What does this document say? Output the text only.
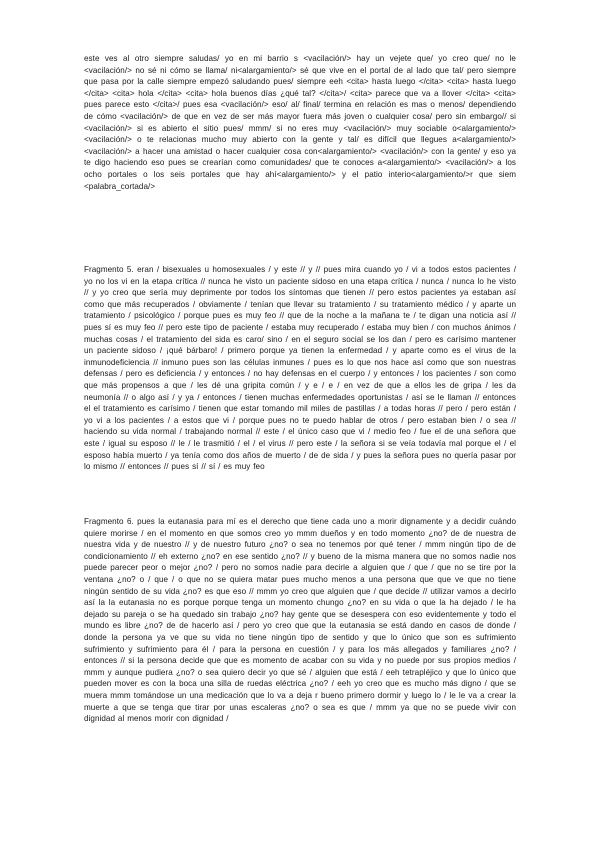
este ves al otro siempre saludas/ yo en mi barrio s <vacilación/> hay un vejete que/ yo creo que/ no le <vacilación/> no sé ni cómo se llama/ ni<alargamiento/> sé que vive en el portal de al lado que tal/ pero siempre que pasa por la calle siempre empezó saludando pues/ siempre eeh <cita> hasta luego </cita> <cita> hasta luego </cita> <cita> hola </cita> <cita> hola buenos días ¿qué tal? </cita>/ <cita> parece que va a llover </cita> <cita> pues parece esto </cita>/ pues esa <vacilación/> eso/ al/ final/ termina en relación es mas o menos/ dependiendo de cómo <vacilación/> de que en vez de ser más mayor fuera más joven o cualquier cosa/ pero sin embargo// si <vacilación/> si es abierto el sitio pues/ mmm/ si no eres muy <vacilación/> muy sociable o<alargamiento/> <vacilación/> o te relacionas mucho muy abierto con la gente y tal/ es difícil que llegues a<alargamiento/> <vacilación/> a hacer una amistad o hacer cualquier cosa con<alargamiento/> <vacilación/> con la gente/ y eso ya te digo haciendo eso pues se crearían como comunidades/ que te conoces a<alargamiento/> <vacilación/> a los ocho portales o los seis portales que hay ahí<alargamiento/> y el patio interio<alargamiento/>r que siem <palabra_cortada/>

Fragmento 5. eran / bisexuales u homosexuales / y este // y // pues mira cuando yo / vi a todos estos pacientes / yo no los vi en la etapa crítica // nunca he visto un paciente sidoso en una etapa crítica / nunca / nunca lo he visto // y yo creo que sería muy deprimente por todos los síntomas que tienen // pero estos pacientes ya estaban así como que más recuperados / obviamente / tenían que llevar su tratamiento / su tratamiento médico / y aparte un tratamiento / psicológico / porque pues es muy feo // que de la noche a la mañana te / te digan una noticia así // pues sí es muy feo // pero este tipo de paciente / estaba muy recuperado / estaba muy bien / con muchos ánimos / muchas cosas / el tratamiento del sida es caro/ sino / en el seguro social se los dan / pero es carísimo mantener un paciente sidoso / ¡qué bárbaro! / primero porque ya tienen la enfermedad / y aparte como es el virus de la inmunodeficiencia // inmuno pues son las células inmunes / pues es lo que nos hace así como que son nuestras defensas / pero es deficiencia / y entonces / no hay defensas en el cuerpo / y entonces / los pacientes / son como que más propensos a que / les dé una gripita común / y e / e / en vez de que a ellos les de gripa / les da neumonía // o algo así / y ya / entonces / tienen muchas enfermedades oportunistas / así se le llaman // entonces el el tratamiento es carísimo / tienen que estar tomando mil miles de pastillas / a todas horas // pero / pero están / yo vi a los pacientes / a estos que vi / porque pues no te puedo hablar de otros / pero estaban bien / o sea // haciendo su vida normal / trabajando normal // este / el único caso que vi / medio feo / fue el de una señora que este / igual su esposo // le / le trasmitió / el / el virus // pero este / la señora si se veía todavía mal porque el / el esposo había muerto / ya tenía como dos años de muerto / de de sida / y pues la señora pues no quería pasar por lo mismo // entonces // pues sí // sí / es muy feo

Fragmento 6. pues la eutanasia para mí es el derecho que tiene cada uno a morir dignamente y a decidir cuándo quiere morirse / en el momento en que somos creo yo mmm dueños y en todo momento ¿no? de de nuestra de nuestra vida y de nuestro // y de nuestro futuro ¿no? o sea no tenemos por qué tener / mmm ningún tipo de de condicionamiento // eh externo ¿no? en ese sentido ¿no? // y bueno de la misma manera que no somos nadie nos puede parecer peor o mejor ¿no? / pero no somos nadie para decirle a alguien que / que / que no se tire por la ventana ¿no? o / que / o que no se quiera matar pues mucho menos a una persona que que ve que no tiene ningún sentido de su vida ¿no? es que eso // mmm yo creo que alguien que / que decide // utilizar vamos a decirlo así la la eutanasia no es porque porque tenga un momento chungo ¿no? en su vida o que la ha dejado / le ha dejado su pareja o se ha quedado sin trabajo ¿no? hay gente que se desespera con eso evidentemente y todo el mundo es libre ¿no? de de hacerlo así / pero yo creo que que la eutanasia se está dando en casos de donde / donde la persona ya ve que su vida no tiene ningún tipo de sentido y que lo único que son es sufrimiento sufrimiento y sufrimiento para él / para la persona en cuestión / y para los más allegados y familiares ¿no? / entonces // si la persona decide que que es momento de acabar con su vida y no puede por sus propios medios / mmm y aunque pudiera ¿no? o sea quiero decir yo que sé / alguien que está / eeh tetrapléjico y que lo único que pueden mover es con la boca una silla de ruedas eléctrica ¿no? / eeh yo creo que es mucho más digno / que se muera mmm tomándose un una medicación que lo va a deja r bueno primero dormir y luego lo / le le va a crear la muerte a que se tenga que tirar por unas escaleras ¿no? o sea es que / mmm ya que no se puede vivir con dignidad al menos morir con dignidad /
